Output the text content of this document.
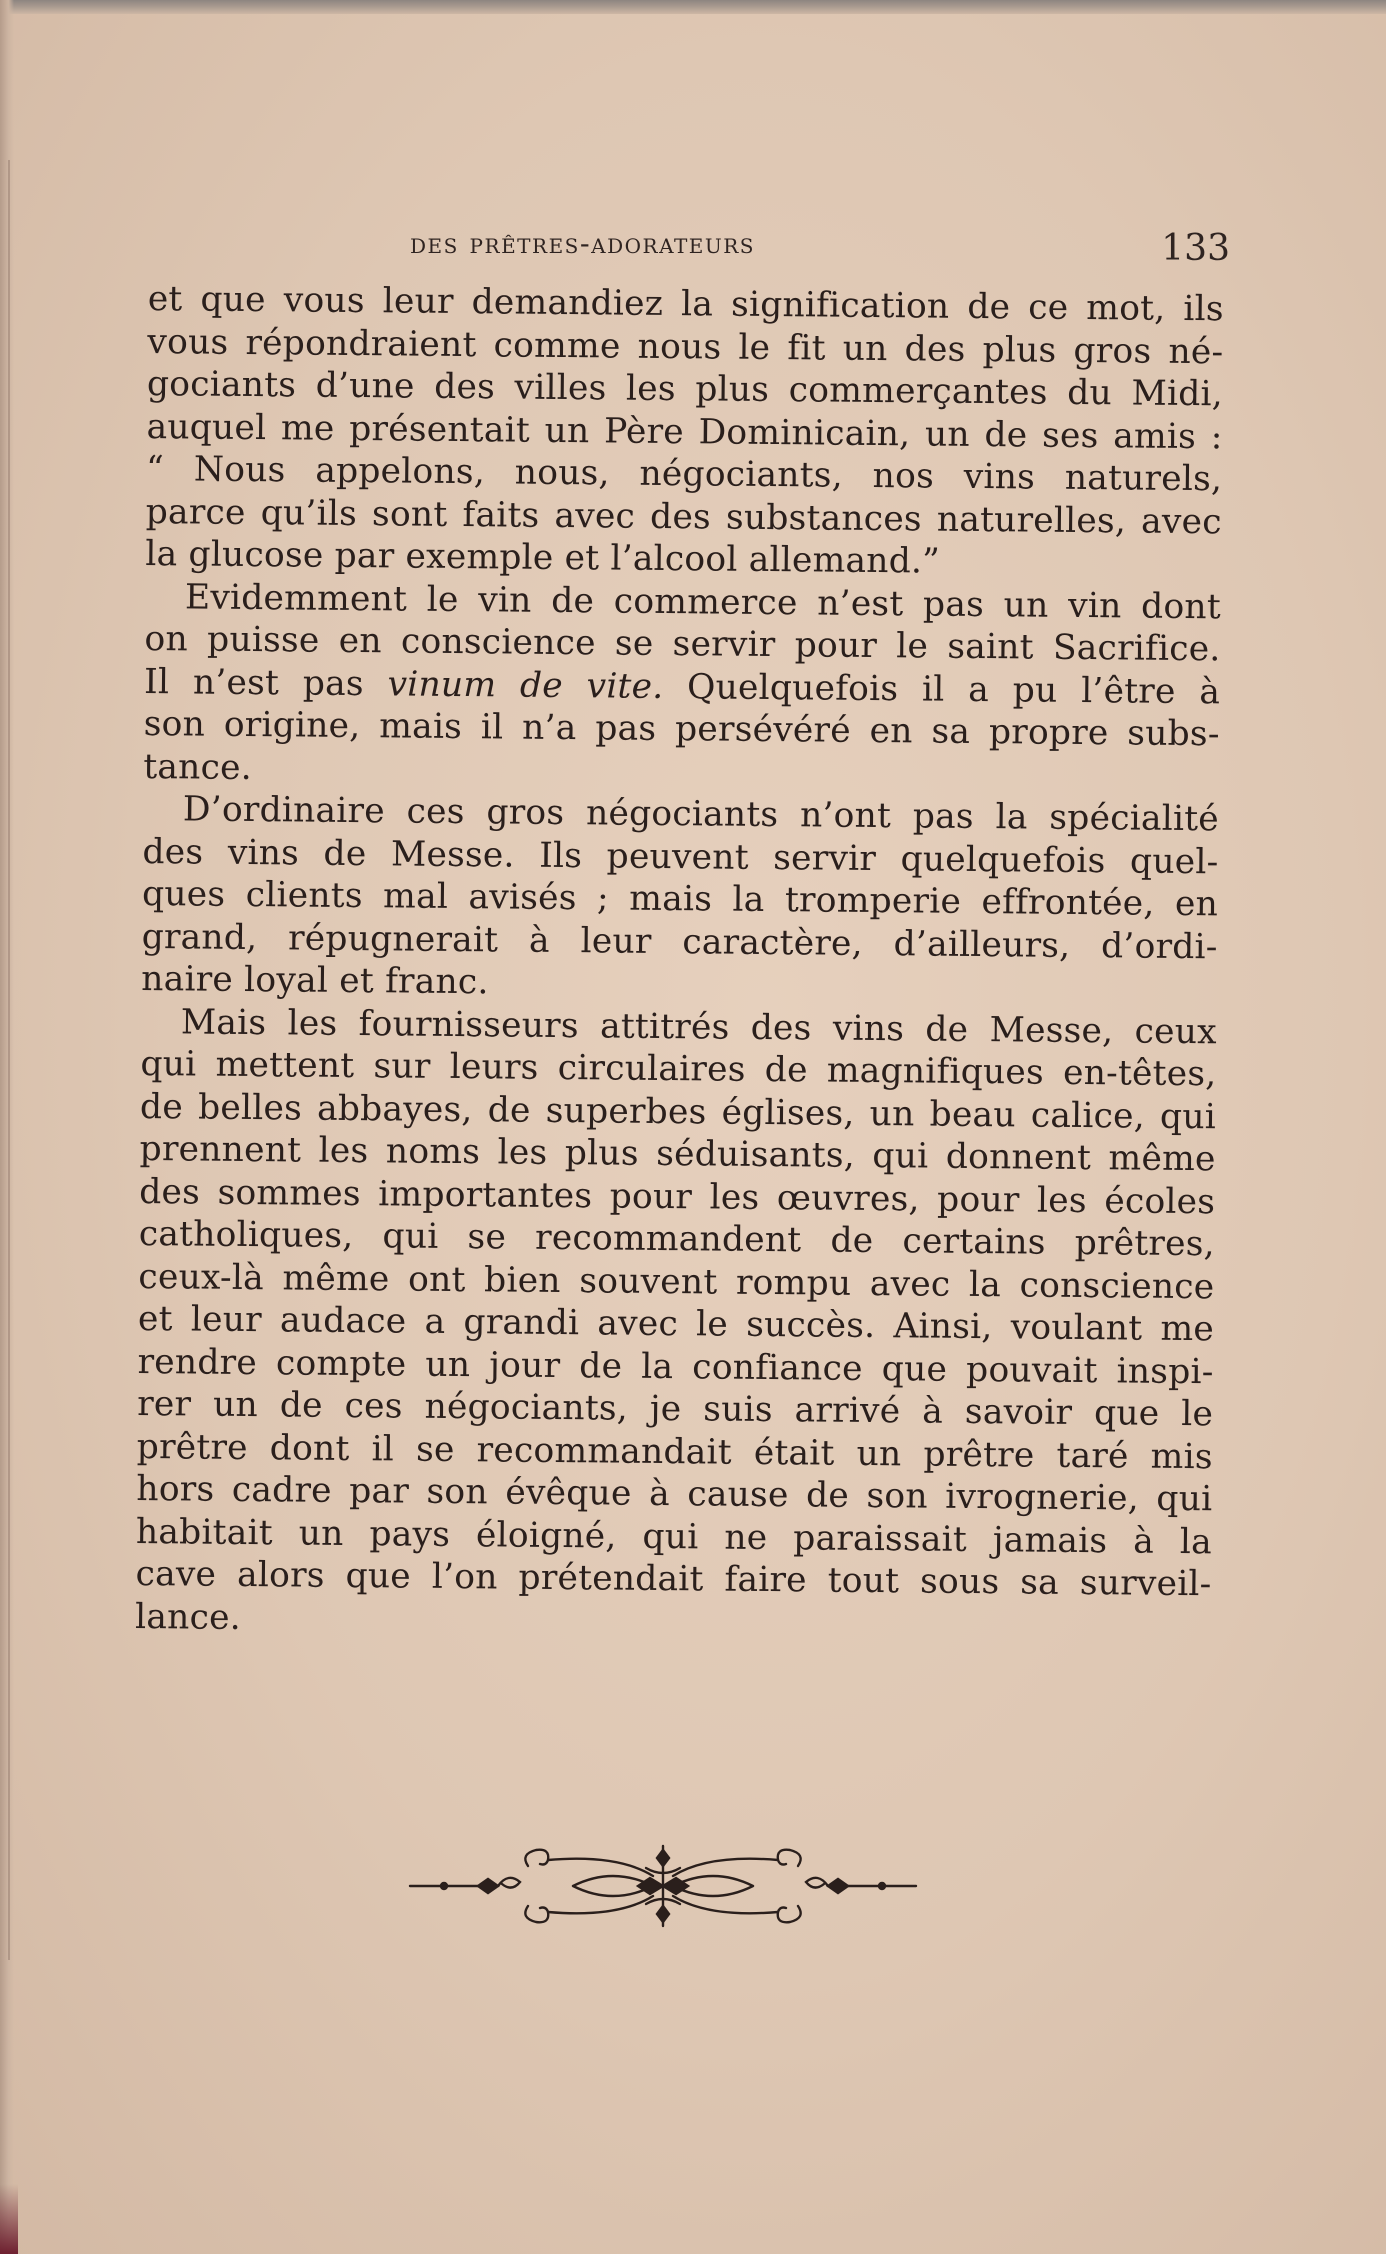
des prêtres-adorateurs	133
et que vous leur demandiez la signification de ce mot, ils
vous répondraient comme nous le fit un des plus gros né-
gociants d’une des villes les plus commerçantes du Midi,
auquel me présentait un Père Dominicain, un de ses amis :
“ Nous appelons, nous, négociants, nos vins naturels,
parce qu’ils sont faits avec des substances naturelles, avec
la glucose par exemple et l’alcool allemand.”
Evidemment le vin de commerce n’est pas un vin dont
on puisse en conscience se servir pour le saint Sacrifice.
Il n’est pas vinum de vite. Quelquefois il a pu l’être à
son origine, mais il n’a pas persévéré en sa propre subs-
tance.
D’ordinaire ces gros négociants n’ont pas la spécialité
des vins de Messe. Ils peuvent servir quelquefois quel-
ques clients mal avisés ; mais la tromperie effrontée, en
grand, répugnerait à leur caractère, d’ailleurs, d’ordi-
naire loyal et franc.
Mais les fournisseurs attitrés des vins de Messe, ceux
qui mettent sur leurs circulaires de magnifiques en-têtes,
de belles abbayes, de superbes églises, un beau calice, qui
prennent les noms les plus séduisants, qui donnent même
des sommes importantes pour les œuvres, pour les écoles
catholiques, qui se recommandent de certains prêtres,
ceux-là même ont bien souvent rompu avec la conscience
et leur audace a grandi avec le succès. Ainsi, voulant me
rendre compte un jour de la confiance que pouvait inspi-
rer un de ces négociants, je suis arrivé à savoir que le
prêtre dont il se recommandait était un prêtre taré mis
hors cadre par son évêque à cause de son ivrognerie, qui
habitait un pays éloigné, qui ne paraissait jamais à la
cave alors que l’on prétendait faire tout sous sa surveil-
lance.
